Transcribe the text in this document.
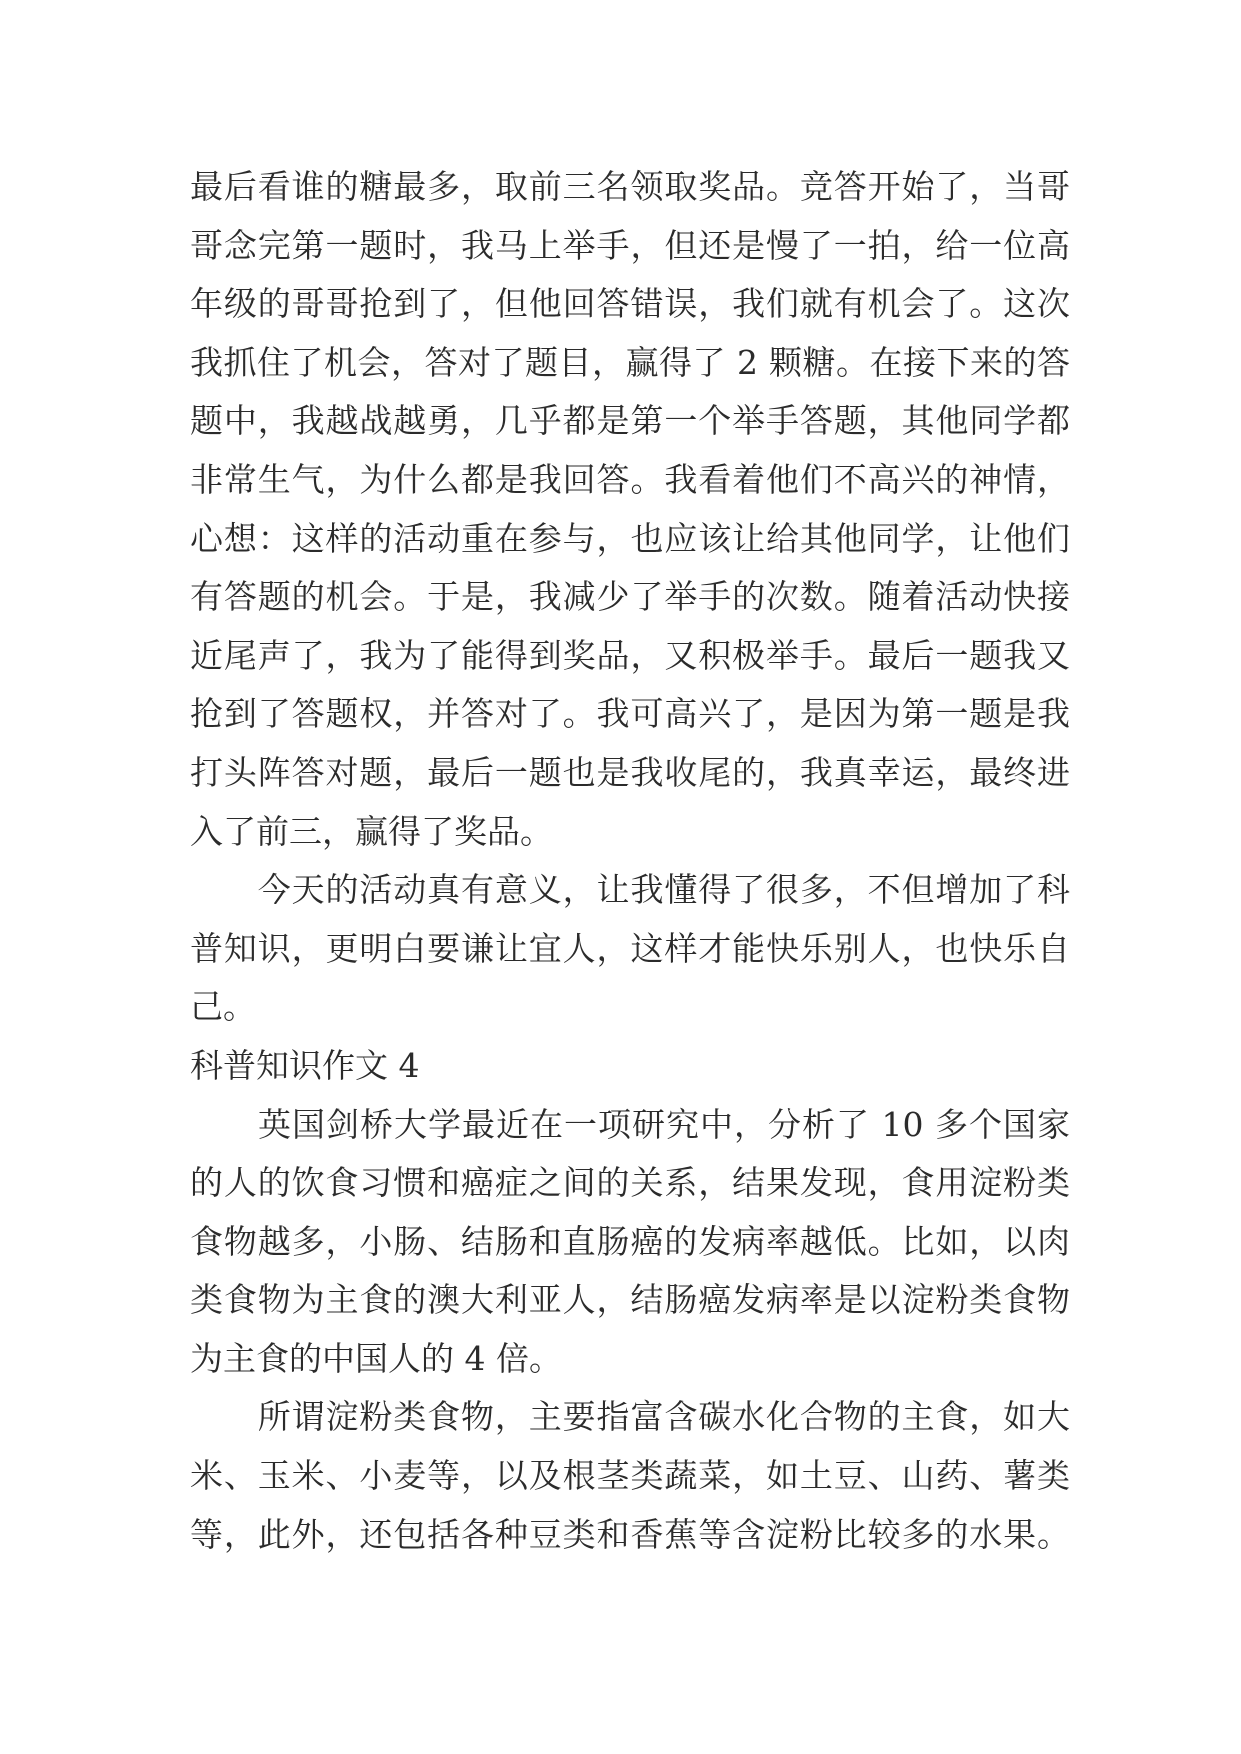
最后看谁的糖最多，取前三名领取奖品。竞答开始了，当哥
哥念完第一题时，我马上举手，但还是慢了一拍，给一位高
年级的哥哥抢到了，但他回答错误，我们就有机会了。这次
我抓住了机会，答对了题目，赢得了 2 颗糖。在接下来的答
题中，我越战越勇，几乎都是第一个举手答题，其他同学都
非常生气，为什么都是我回答。我看着他们不高兴的神情，
心想：这样的活动重在参与，也应该让给其他同学，让他们
有答题的机会。于是，我减少了举手的次数。随着活动快接
近尾声了，我为了能得到奖品，又积极举手。最后一题我又
抢到了答题权，并答对了。我可高兴了，是因为第一题是我
打头阵答对题，最后一题也是我收尾的，我真幸运，最终进
入了前三，赢得了奖品。
　　今天的活动真有意义，让我懂得了很多，不但增加了科
普知识，更明白要谦让宜人，这样才能快乐别人，也快乐自
己。
科普知识作文 4
　　英国剑桥大学最近在一项研究中，分析了 10 多个国家
的人的饮食习惯和癌症之间的关系，结果发现，食用淀粉类
食物越多，小肠、结肠和直肠癌的发病率越低。比如，以肉
类食物为主食的澳大利亚人，结肠癌发病率是以淀粉类食物
为主食的中国人的 4 倍。
　　所谓淀粉类食物，主要指富含碳水化合物的主食，如大
米、玉米、小麦等，以及根茎类蔬菜，如土豆、山药、薯类
等，此外，还包括各种豆类和香蕉等含淀粉比较多的水果。
